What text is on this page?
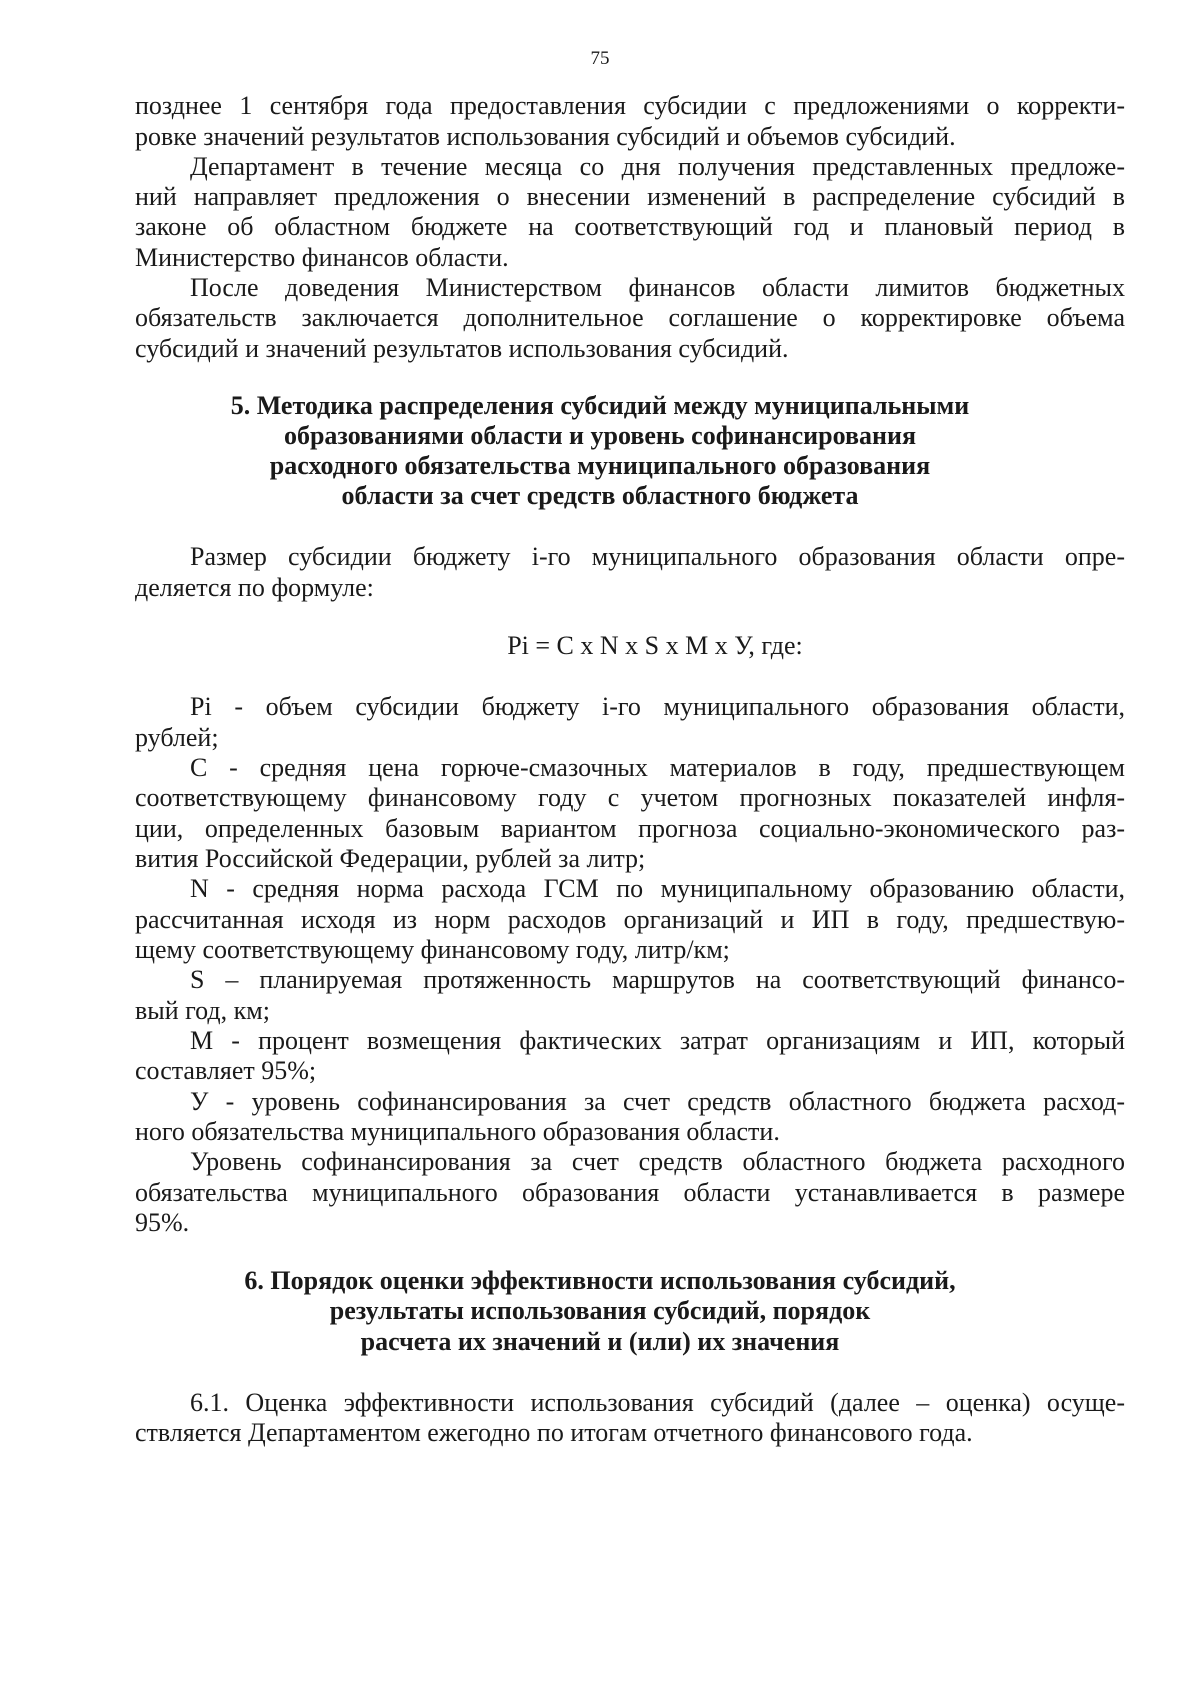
75
позднее 1 сентября года предоставления субсидии с предложениями о корректи-
ровке значений результатов использования субсидий и объемов субсидий.
Департамент в течение месяца со дня получения представленных предложе-
ний направляет предложения о внесении изменений в распределение субсидий в
законе об областном бюджете на соответствующий год и плановый период в
Министерство финансов области.
После доведения Министерством финансов области лимитов бюджетных
обязательств заключается дополнительное соглашение о корректировке объема
субсидий и значений результатов использования субсидий.
5. Методика распределения субсидий между муниципальными
образованиями области и уровень софинансирования
расходного обязательства муниципального образования
области за счет средств областного бюджета
Размер субсидии бюджету i-го муниципального образования области опре-
деляется по формуле:
Pi = С x N x S x M x У, где:
Pi - объем субсидии бюджету i-го муниципального образования области,
рублей;
С - средняя цена горюче-смазочных материалов в году, предшествующем
соответствующему финансовому году с учетом прогнозных показателей инфля-
ции, определенных базовым вариантом прогноза социально-экономического раз-
вития Российской Федерации, рублей за литр;
N - средняя норма расхода ГСМ по муниципальному образованию области,
рассчитанная исходя из норм расходов организаций и ИП в году, предшествую-
щему соответствующему финансовому году, литр/км;
S – планируемая протяженность маршрутов на соответствующий финансо-
вый год, км;
M - процент возмещения фактических затрат организациям и ИП, который
составляет 95%;
У - уровень софинансирования за счет средств областного бюджета расход-
ного обязательства муниципального образования области.
Уровень софинансирования за счет средств областного бюджета расходного
обязательства муниципального образования области устанавливается в размере
95%.
6. Порядок оценки эффективности использования субсидий,
результаты использования субсидий, порядок
расчета их значений и (или) их значения
6.1. Оценка эффективности использования субсидий (далее – оценка) осуще-
ствляется Департаментом ежегодно по итогам отчетного финансового года.
